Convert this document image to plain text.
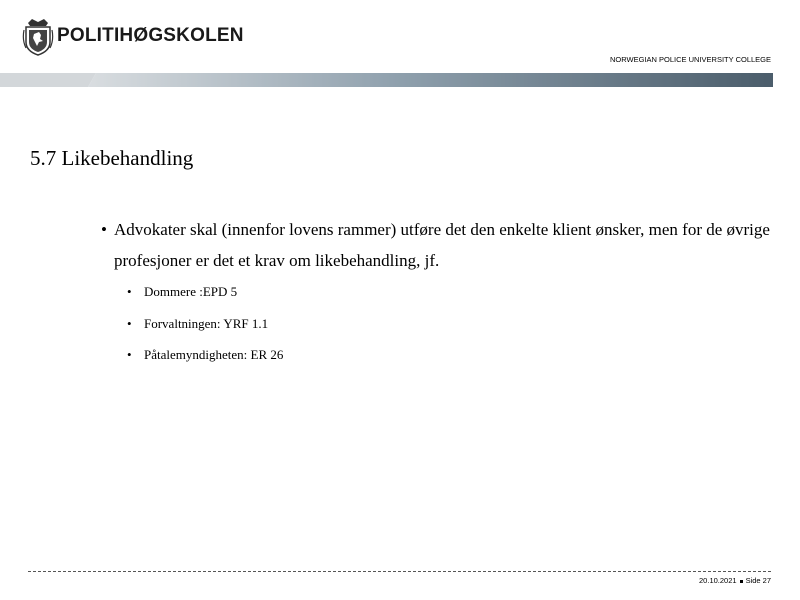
POLITIHØGSKOLEN
NORWEGIAN POLICE UNIVERSITY COLLEGE
5.7 Likebehandling
• Advokater skal (innenfor lovens rammer) utføre det den enkelte klient ønsker, men for de øvrige profesjoner er det et krav om likebehandling, jf.
• Dommere :EPD 5
• Forvaltningen: YRF 1.1
• Påtalemyndigheten: ER 26
20.10.2021 Side 27
